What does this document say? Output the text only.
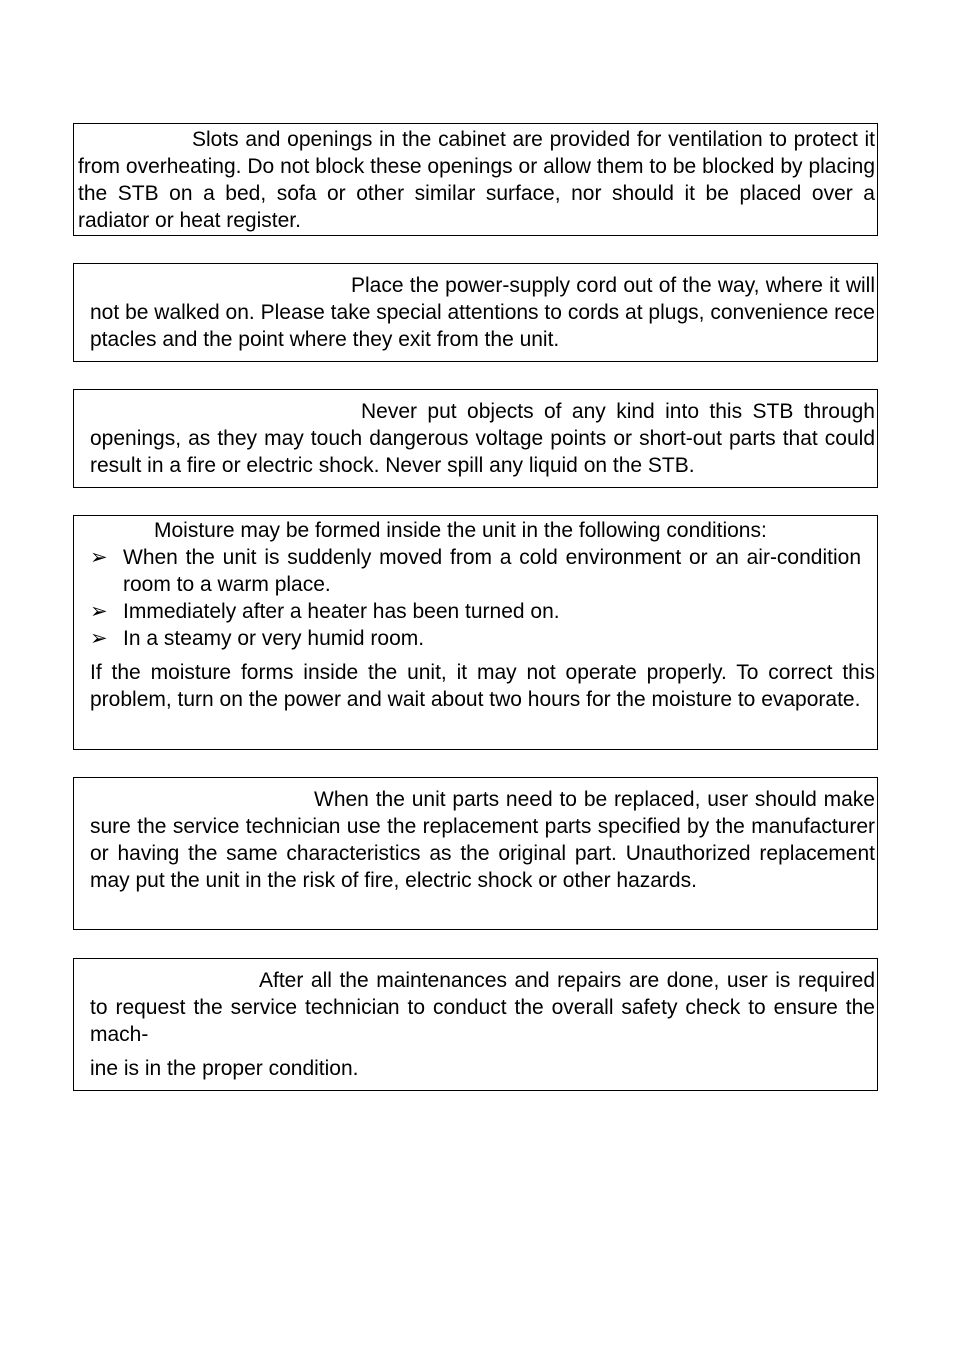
Slots and openings in the cabinet are provided for ventilation to protect it from overheating. Do not block these openings or allow them to be blocked by placing the STB on a bed, sofa or other similar surface, nor should it be placed over a radiator or heat register.

Place the power-supply cord out of the way, where it will not be walked on. Please take special attentions to cords at plugs, convenience rece ptacles and the point where they exit from the unit.

Never put objects of any kind into this STB through openings, as they may touch dangerous voltage points or short-out parts that could result in a fire or electric shock. Never spill any liquid on the STB.

Moisture may be formed inside the unit in the following conditions:
➢ When the unit is suddenly moved from a cold environment or an air-condition room to a warm place.
➢ Immediately after a heater has been turned on.
➢ In a steamy or very humid room.

If the moisture forms inside the unit, it may not operate properly. To correct this problem, turn on the power and wait about two hours for the moisture to evaporate.

When the unit parts need to be replaced, user should make sure the service technician use the replacement parts specified by the manufacturer or having the same characteristics as the original part. Unauthorized replacement may put the unit in the risk of fire, electric shock or other hazards.

After all the maintenances and repairs are done, user is required to request the service technician to conduct the overall safety check to ensure the mach-

ine is in the proper condition.
